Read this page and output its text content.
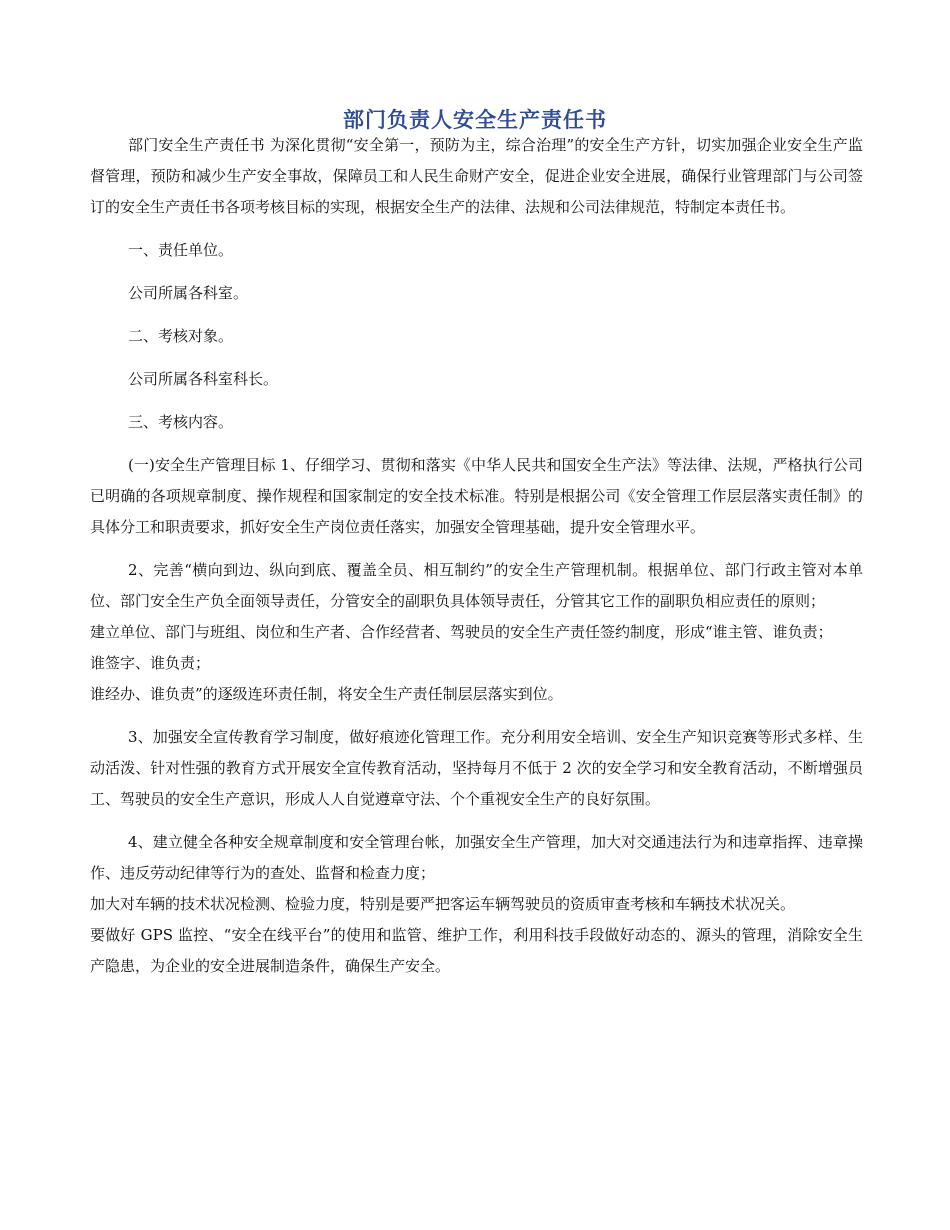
部门负责人安全生产责任书

部门安全生产责任书 为深化贯彻“安全第一，预防为主，综合治理”的安全生产方针，切实加强企业安全生产监督管理，预防和减少生产安全事故，保障员工和人民生命财产安全，促进企业安全进展，确保行业管理部门与公司签订的安全生产责任书各项考核目标的实现，根据安全生产的法律、法规和公司法律规范，特制定本责任书。

一、责任单位。

公司所属各科室。

二、考核对象。

公司所属各科室科长。

三、考核内容。

(一)安全生产管理目标 1、仔细学习、贯彻和落实《中华人民共和国安全生产法》等法律、法规，严格执行公司已明确的各项规章制度、操作规程和国家制定的安全技术标准。特别是根据公司《安全管理工作层层落实责任制》的具体分工和职责要求，抓好安全生产岗位责任落实，加强安全管理基础，提升安全管理水平。

2、完善“横向到边、纵向到底、覆盖全员、相互制约”的安全生产管理机制。根据单位、部门行政主管对本单位、部门安全生产负全面领导责任，分管安全的副职负具体领导责任，分管其它工作的副职负相应责任的原则；

建立单位、部门与班组、岗位和生产者、合作经营者、驾驶员的安全生产责任签约制度，形成“谁主管、谁负责；

谁签字、谁负责；

谁经办、谁负责”的逐级连环责任制，将安全生产责任制层层落实到位。

3、加强安全宣传教育学习制度，做好痕迹化管理工作。充分利用安全培训、安全生产知识竞赛等形式多样、生动活泼、针对性强的教育方式开展安全宣传教育活动，坚持每月不低于 2 次的安全学习和安全教育活动，不断增强员工、驾驶员的安全生产意识，形成人人自觉遵章守法、个个重视安全生产的良好氛围。

4、建立健全各种安全规章制度和安全管理台帐，加强安全生产管理，加大对交通违法行为和违章指挥、违章操作、违反劳动纪律等行为的查处、监督和检查力度；

加大对车辆的技术状况检测、检验力度，特别是要严把客运车辆驾驶员的资质审查考核和车辆技术状况关。

要做好 GPS 监控、“安全在线平台”的使用和监管、维护工作，利用科技手段做好动态的、源头的管理，消除安全生产隐患，为企业的安全进展制造条件，确保生产安全。
